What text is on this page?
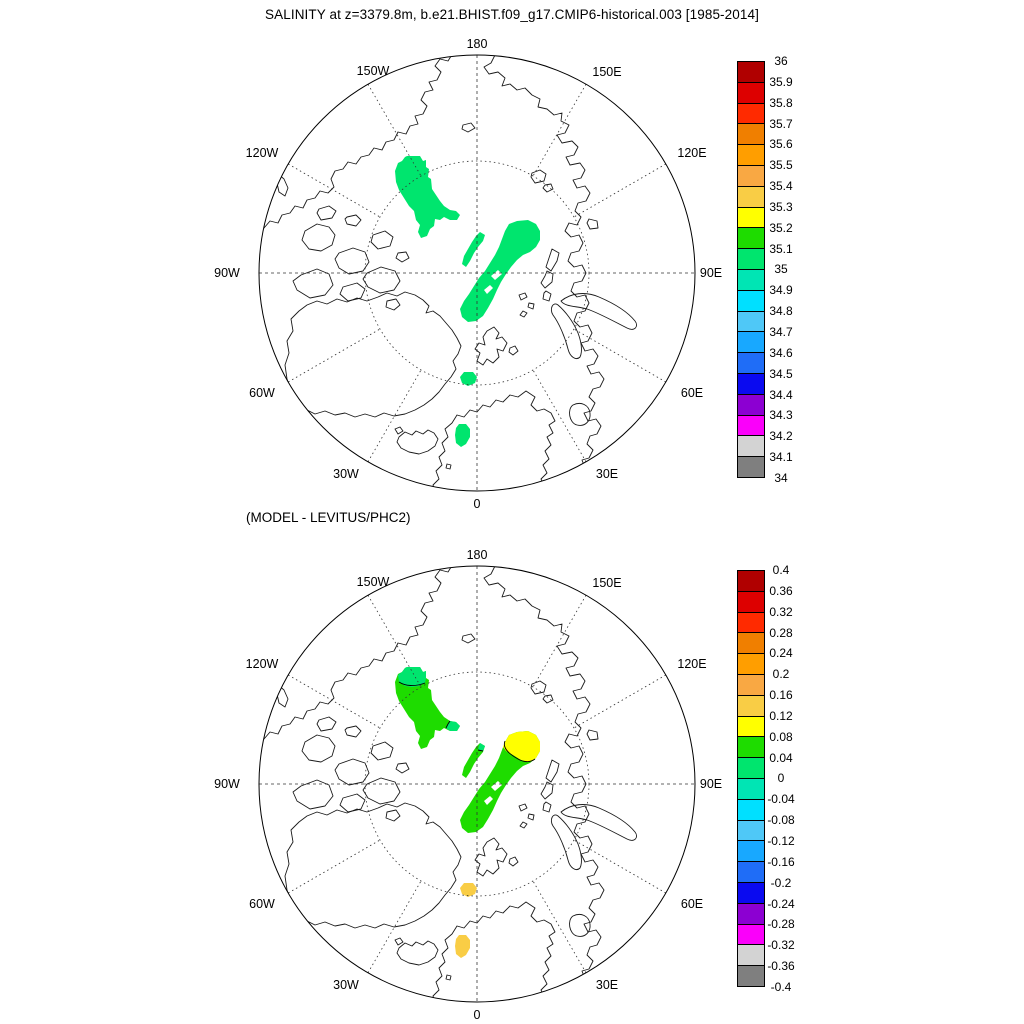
SALINITY at z=3379.8m, b.e21.BHIST.f09_g17.CMIP6-historical.003 [1985-2014]
180
150E
120E
90E
60E
30E
0
30W
60W
90W
120W
150W
36
35.9
35.8
35.7
35.6
35.5
35.4
35.3
35.2
35.1
35
34.9
34.8
34.7
34.6
34.5
34.4
34.3
34.2
34.1
34
(MODEL - LEVITUS/PHC2)
180
150E
120E
90E
60E
30E
0
30W
60W
90W
120W
150W
0.4
0.36
0.32
0.28
0.24
0.2
0.16
0.12
0.08
0.04
0
-0.04
-0.08
-0.12
-0.16
-0.2
-0.24
-0.28
-0.32
-0.36
-0.4
